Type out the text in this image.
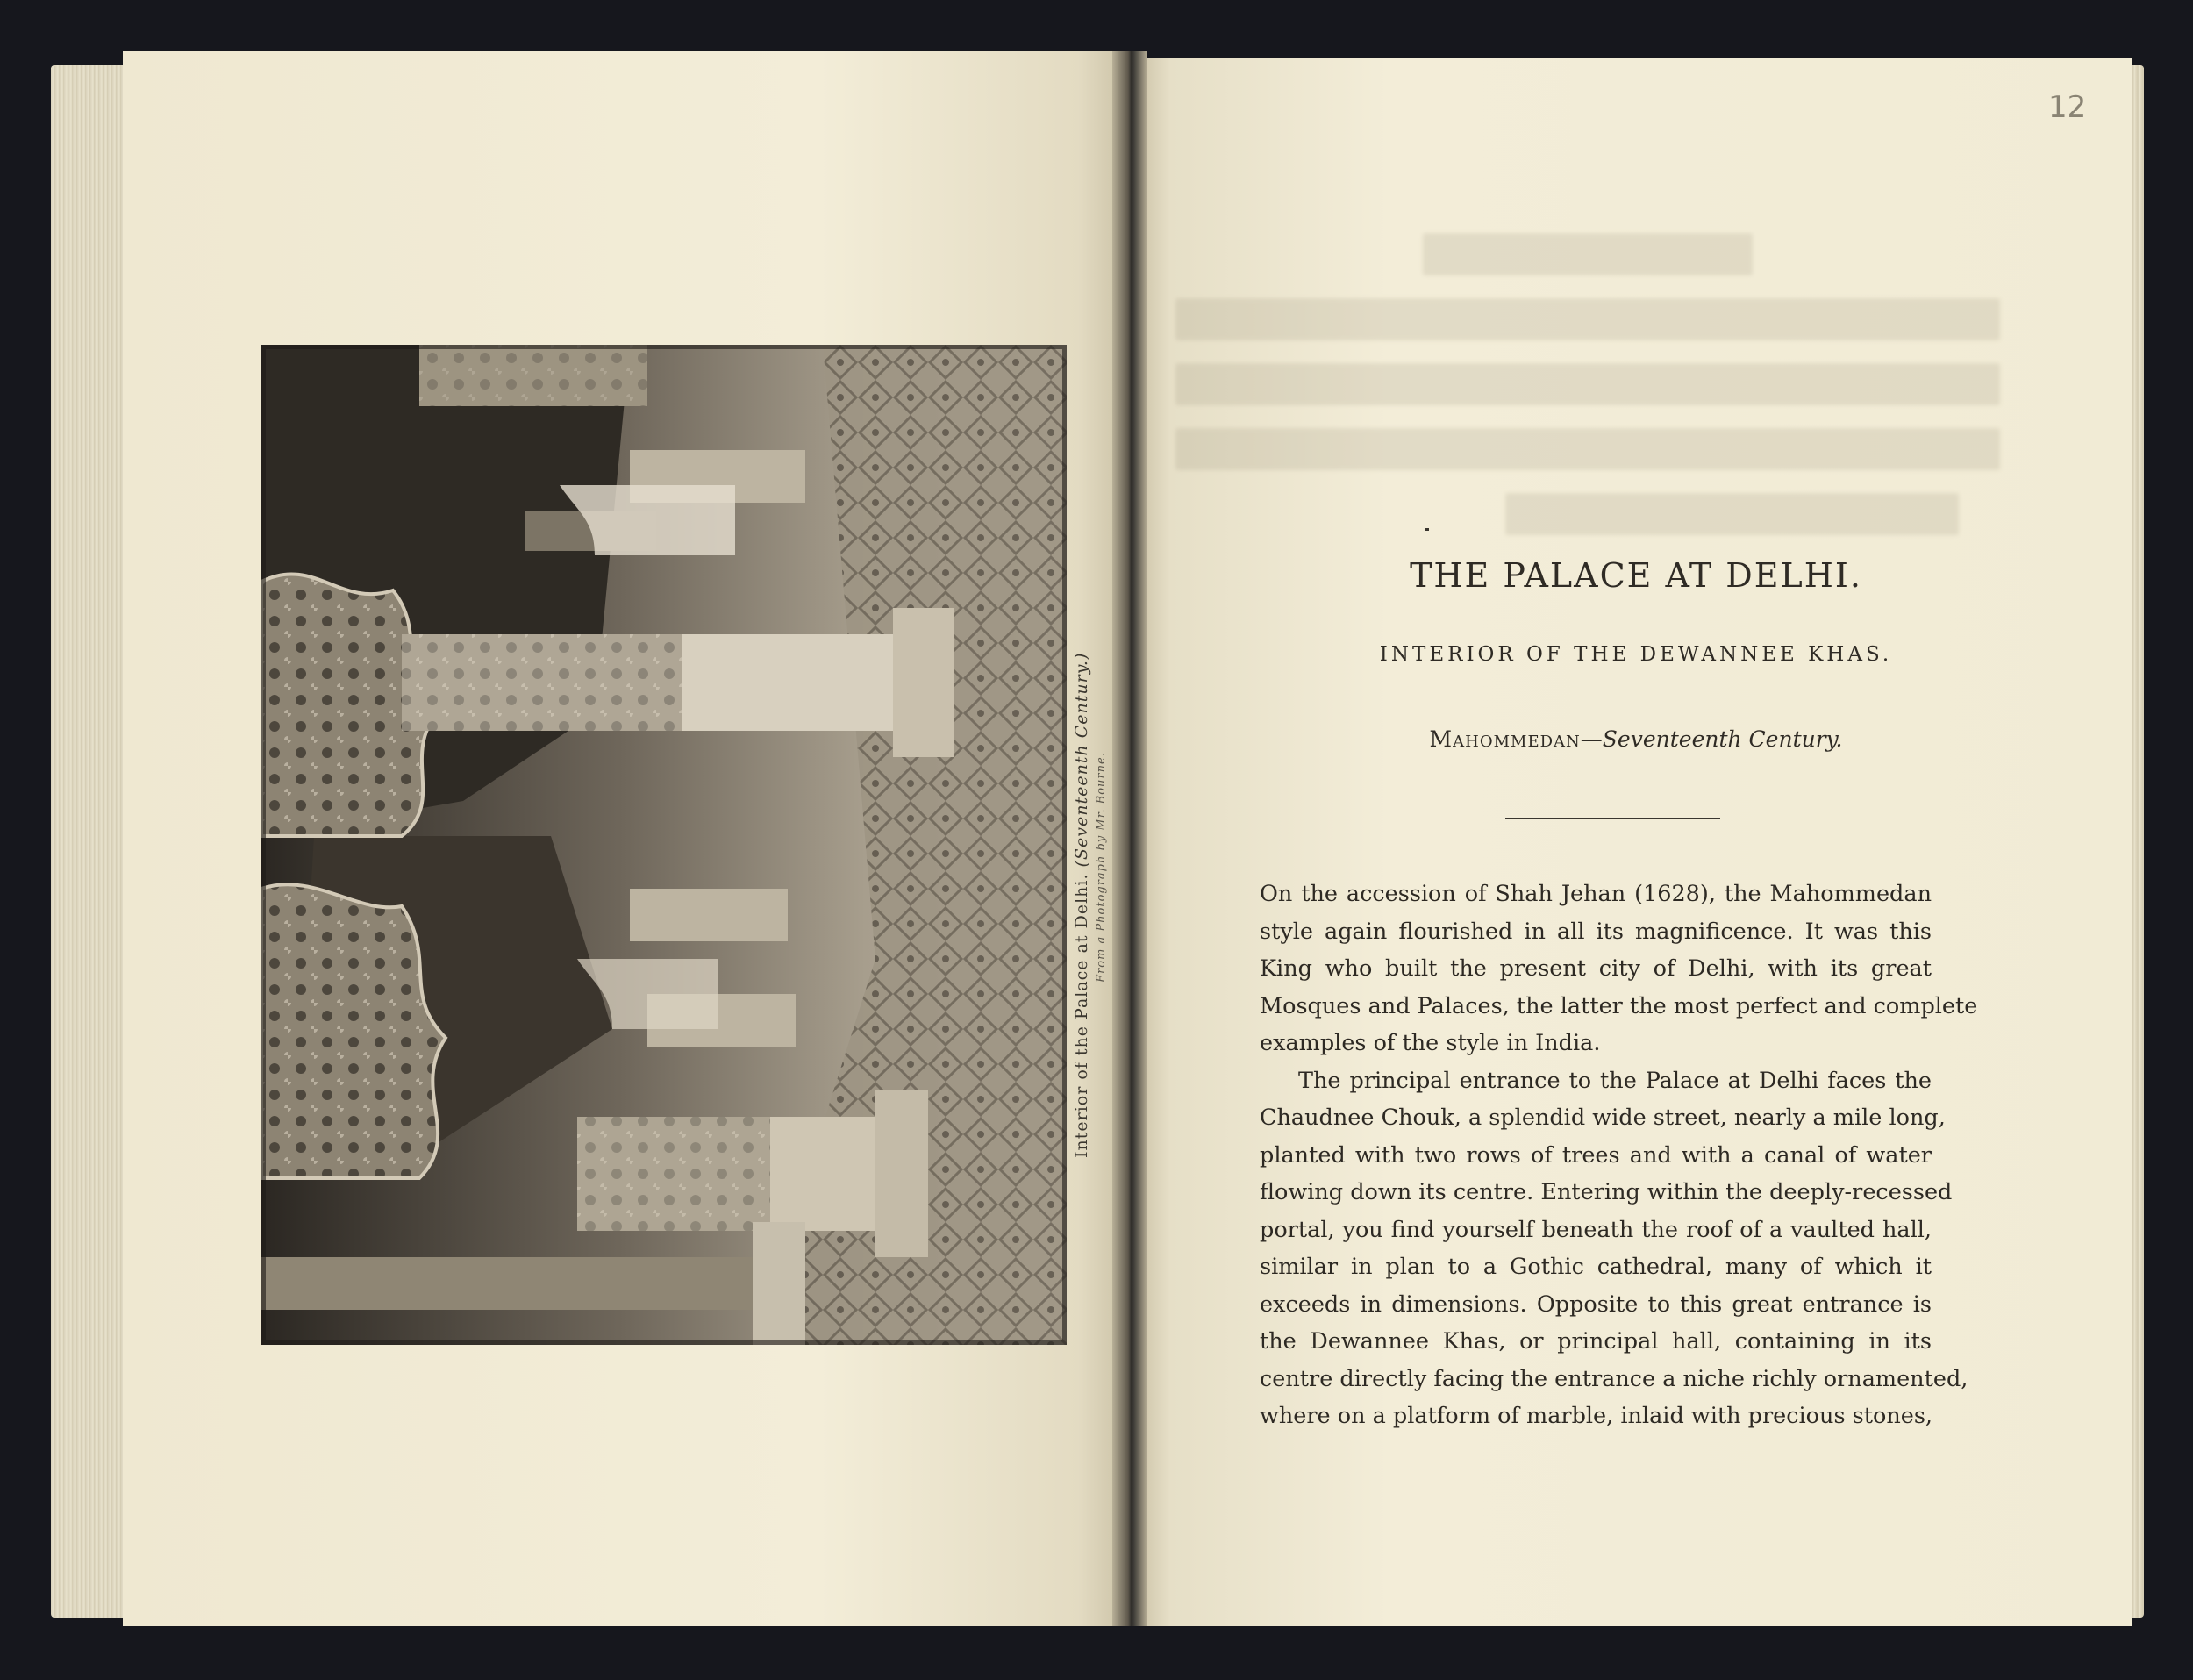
Interior of the Palace at Delhi. (Seventeenth Century.) From a Photograph by Mr. Bourne.
12
THE PALACE AT DELHI.
INTERIOR OF THE DEWANNEE KHAS.
Mahommedan—Seventeenth Century.
On the accession of Shah Jehan (1628), the Mahommedan
style again flourished in all its magnificence. It was this
King who built the present city of Delhi, with its great
Mosques and Palaces, the latter the most perfect and complete
examples of the style in India.
The principal entrance to the Palace at Delhi faces the
Chaudnee Chouk, a splendid wide street, nearly a mile long,
planted with two rows of trees and with a canal of water
flowing down its centre. Entering within the deeply-recessed
portal, you find yourself beneath the roof of a vaulted hall,
similar in plan to a Gothic cathedral, many of which it
exceeds in dimensions. Opposite to this great entrance is
the Dewannee Khas, or principal hall, containing in its
centre directly facing the entrance a niche richly ornamented,
where on a platform of marble, inlaid with precious stones,
